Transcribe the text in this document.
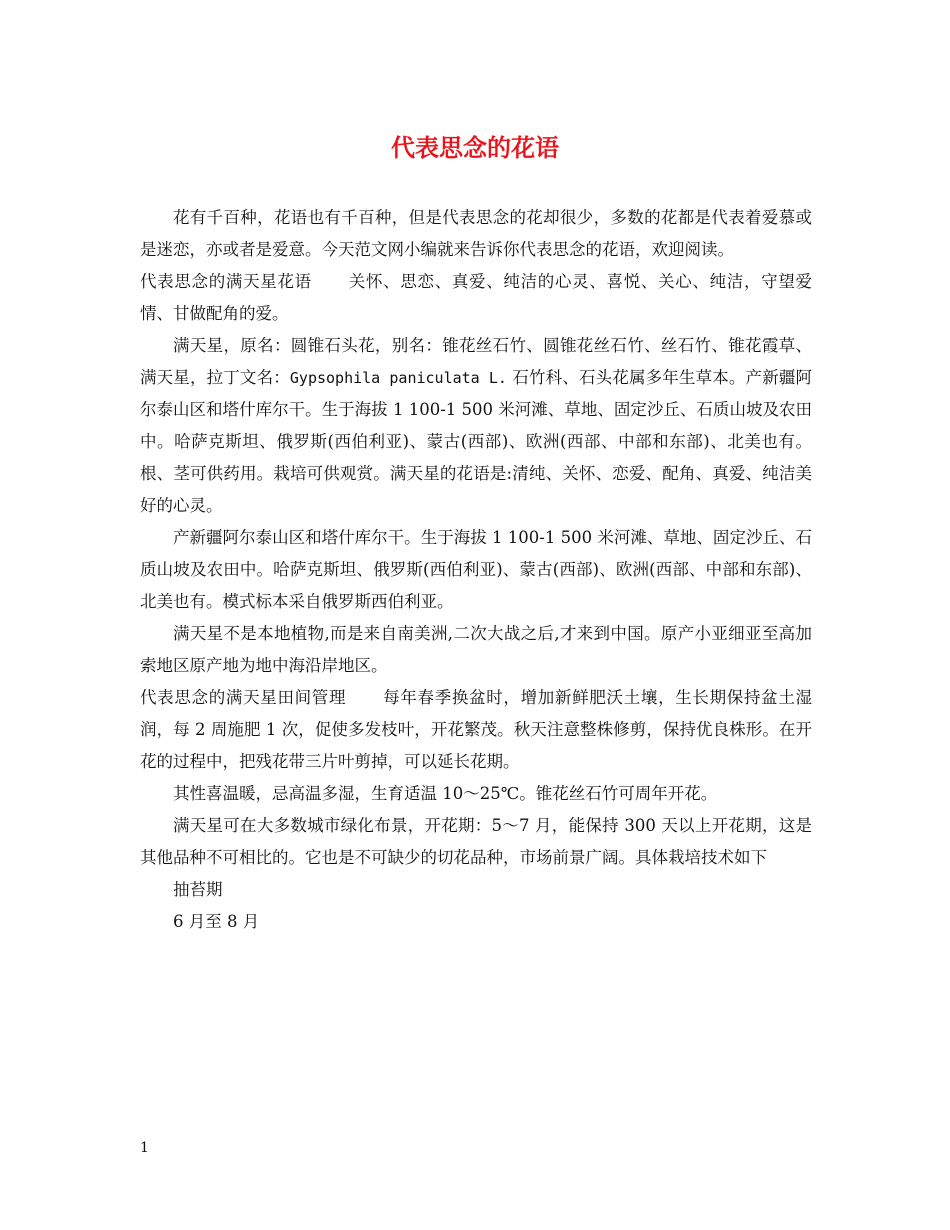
代表思念的花语

花有千百种，花语也有千百种，但是代表思念的花却很少，多数的花都是代表着爱慕或是迷恋，亦或者是爱意。今天范文网小编就来告诉你代表思念的花语，欢迎阅读。

代表思念的满天星花语 关怀、思恋、真爱、纯洁的心灵、喜悦、关心、纯洁，守望爱情、甘做配角的爱。

满天星，原名：圆锥石头花，别名：锥花丝石竹、圆锥花丝石竹、丝石竹、锥花霞草、满天星，拉丁文名：Gypsophila paniculata L. 石竹科、石头花属多年生草本。产新疆阿尔泰山区和塔什库尔干。生于海拔 1 100-1 500 米河滩、草地、固定沙丘、石质山坡及农田中。哈萨克斯坦、俄罗斯(西伯利亚)、蒙古(西部)、欧洲(西部、中部和东部)、北美也有。根、茎可供药用。栽培可供观赏。满天星的花语是:清纯、关怀、恋爱、配角、真爱、纯洁美好的心灵。

产新疆阿尔泰山区和塔什库尔干。生于海拔 1 100-1 500 米河滩、草地、固定沙丘、石质山坡及农田中。哈萨克斯坦、俄罗斯(西伯利亚)、蒙古(西部)、欧洲(西部、中部和东部)、北美也有。模式标本采自俄罗斯西伯利亚。

满天星不是本地植物,而是来自南美洲,二次大战之后,才来到中国。原产小亚细亚至高加索地区原产地为地中海沿岸地区。

代表思念的满天星田间管理 每年春季换盆时，增加新鲜肥沃土壤，生长期保持盆土湿润，每 2 周施肥 1 次，促使多发枝叶，开花繁茂。秋天注意整株修剪，保持优良株形。在开花的过程中，把残花带三片叶剪掉，可以延长花期。

其性喜温暖，忌高温多湿，生育适温 10～25℃。锥花丝石竹可周年开花。

满天星可在大多数城市绿化布景，开花期：5～7 月，能保持 300 天以上开花期，这是其他品种不可相比的。它也是不可缺少的切花品种，市场前景广阔。具体栽培技术如下

抽苔期

6 月至 8 月

1
